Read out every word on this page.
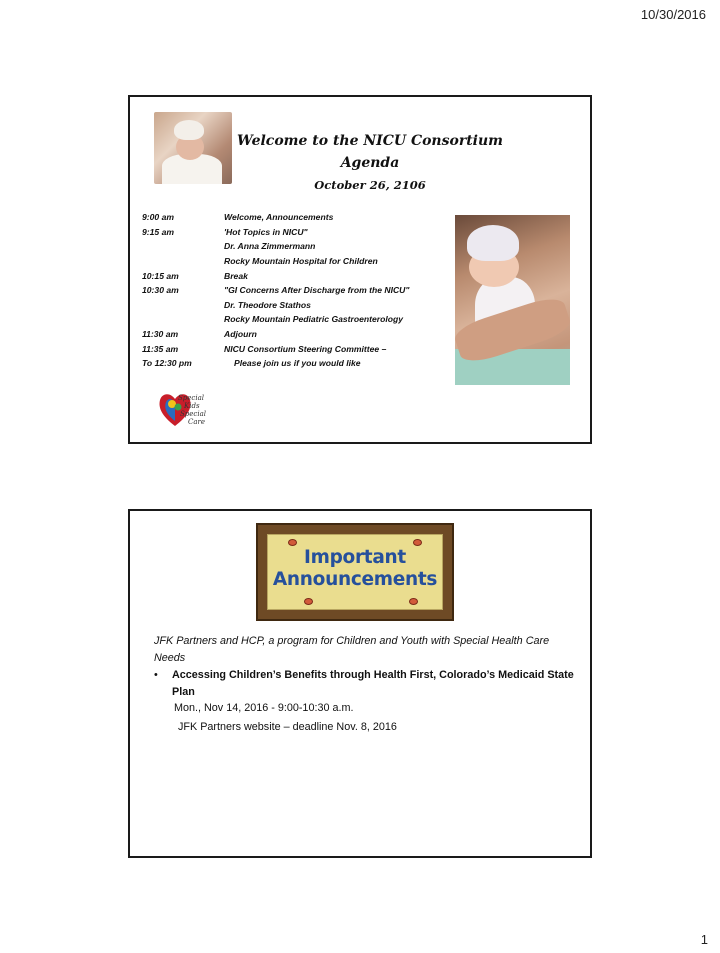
10/30/2016
Welcome to the NICU Consortium
Agenda
October 26, 2106
9:00 am	Welcome, Announcements
9:15 am	'Hot Topics in NICU"
Dr. Anna Zimmermann
Rocky Mountain Hospital for Children
10:15 am	Break
10:30 am	"GI Concerns After Discharge from the NICU"
Dr. Theodore Stathos
Rocky Mountain Pediatric Gastroenterology
11:30 am	Adjourn
11:35 am	NICU Consortium Steering Committee –
To 12:30 pm	Please join us if you would like
Special
Kids
Special
Care
Important
Announcements
JFK Partners and HCP, a program for Children and Youth with Special Health Care Needs
•	Accessing Children’s Benefits through Health First, Colorado’s Medicaid State Plan
Mon., Nov 14, 2016 - 9:00-10:30 a.m.
JFK Partners website – deadline Nov. 8, 2016
1
